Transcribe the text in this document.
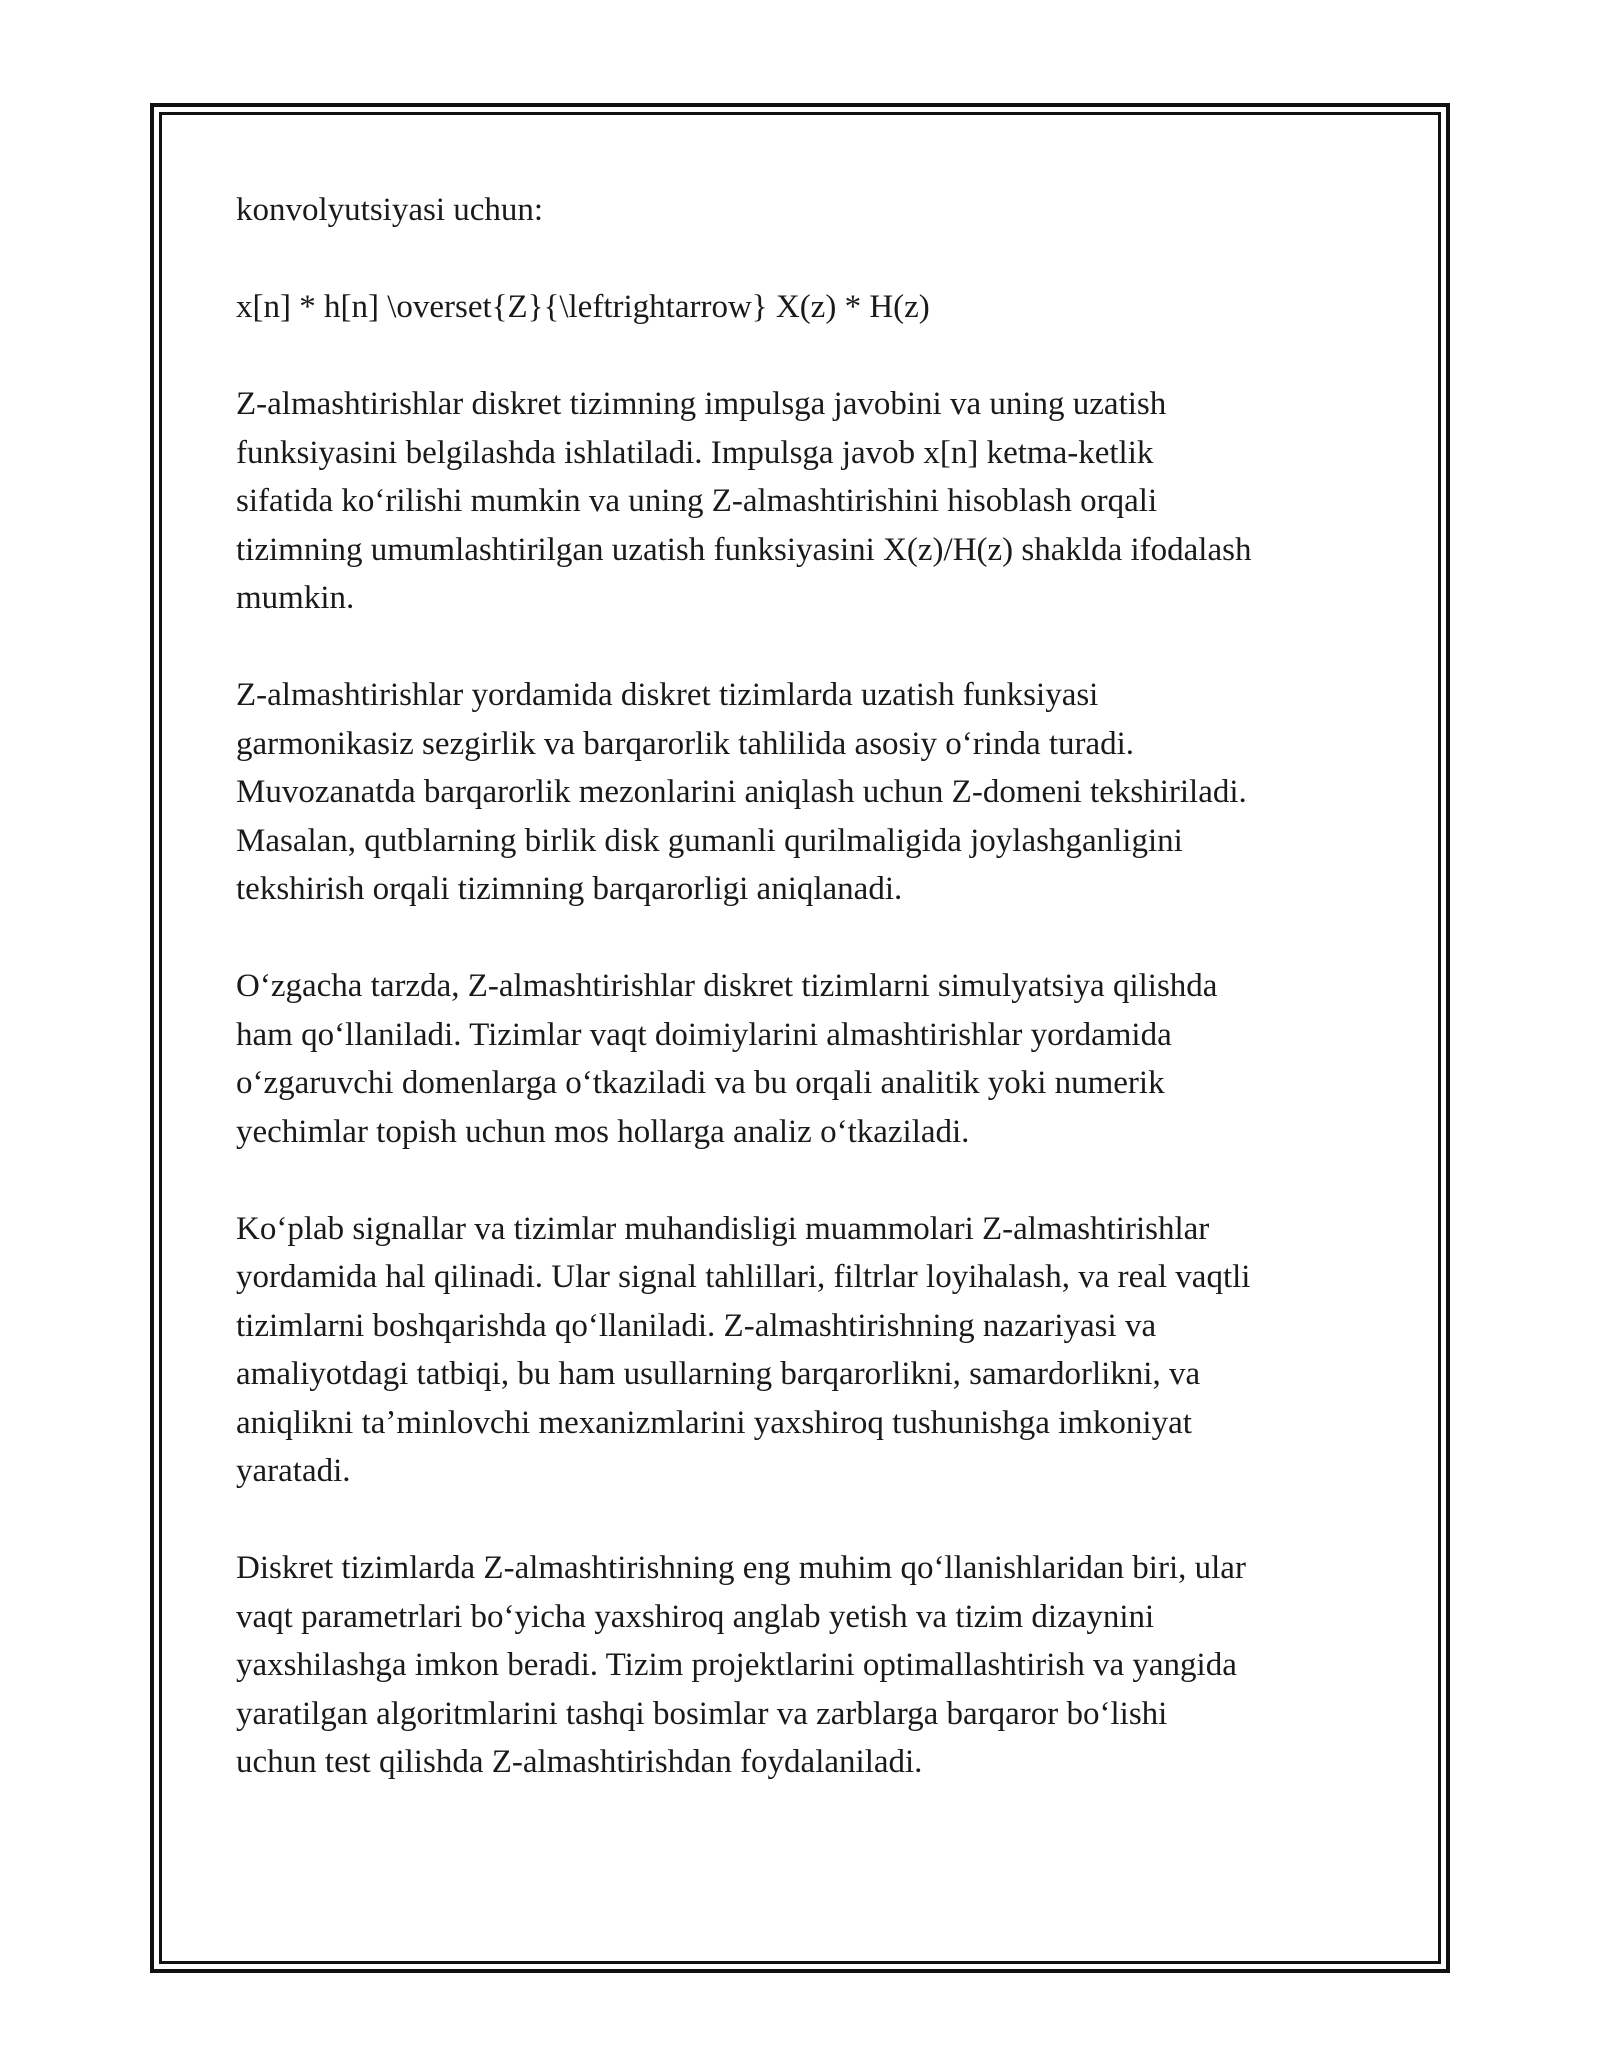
konvolyutsiyasi uchun:

x[n] * h[n] \overset{Z}{\leftrightarrow} X(z) * H(z)

Z-almashtirishlar diskret tizimning impulsga javobini va uning uzatish
funksiyasini belgilashda ishlatiladi. Impulsga javob x[n] ketma-ketlik
sifatida koʻrilishi mumkin va uning Z-almashtirishini hisoblash orqali
tizimning umumlashtirilgan uzatish funksiyasini X(z)/H(z) shaklda ifodalash
mumkin.

Z-almashtirishlar yordamida diskret tizimlarda uzatish funksiyasi
garmonikasiz sezgirlik va barqarorlik tahlilida asosiy oʻrinda turadi.
Muvozanatda barqarorlik mezonlarini aniqlash uchun Z-domeni tekshiriladi.
Masalan, qutblarning birlik disk gumanli qurilmaligida joylashganligini
tekshirish orqali tizimning barqarorligi aniqlanadi.

Oʻzgacha tarzda, Z-almashtirishlar diskret tizimlarni simulyatsiya qilishda
ham qoʻllaniladi. Tizimlar vaqt doimiylarini almashtirishlar yordamida
oʻzgaruvchi domenlarga oʻtkaziladi va bu orqali analitik yoki numerik
yechimlar topish uchun mos hollarga analiz oʻtkaziladi.

Koʻplab signallar va tizimlar muhandisligi muammolari Z-almashtirishlar
yordamida hal qilinadi. Ular signal tahlillari, filtrlar loyihalash, va real vaqtli
tizimlarni boshqarishda qoʻllaniladi. Z-almashtirishning nazariyasi va
amaliyotdagi tatbiqi, bu ham usullarning barqarorlikni, samardorlikni, va
aniqlikni taʼminlovchi mexanizmlarini yaxshiroq tushunishga imkoniyat
yaratadi.

Diskret tizimlarda Z-almashtirishning eng muhim qoʻllanishlaridan biri, ular
vaqt parametrlari boʻyicha yaxshiroq anglab yetish va tizim dizaynini
yaxshilashga imkon beradi. Tizim projektlarini optimallashtirish va yangida
yaratilgan algoritmlarini tashqi bosimlar va zarblarga barqaror boʻlishi
uchun test qilishda Z-almashtirishdan foydalaniladi.
